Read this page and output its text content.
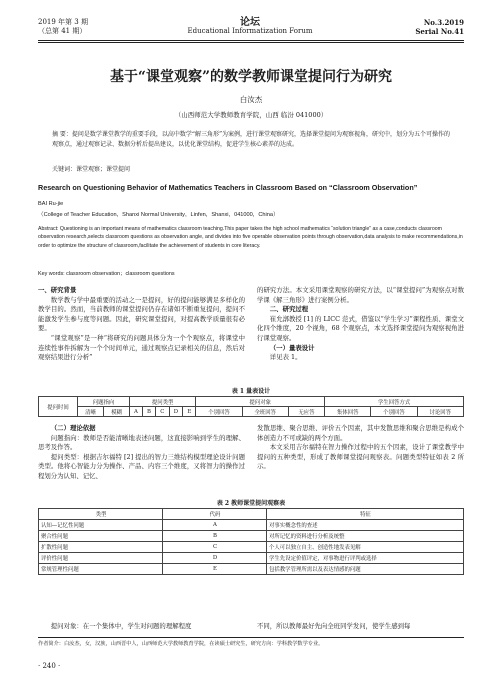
2019 年第 3 期
（总第 41 期）
论坛
Educational Informatization Forum
No.3.2019
Serial No.41
基于“课堂观察”的数学教师课堂提问行为研究
白汝杰
（山西师范大学教师教育学院，山西 临汾 041000）
摘 要：提问是数学课堂教学的重要手段，以高中数学“解三角形”为案例，进行课堂观察研究，选择课堂提问为观察视角，研究中，划分为五个可操作的观察点，通过观察记录、数据分析后提出建议，以优化课堂结构，促进学生核心素养的达成。
关键词：课堂观察；课堂提问
Research on Questioning Behavior of Mathematics Teachers in Classroom Based on “Classroom Observation”
BAI Ru-jie
（College of Teacher Education，Shanxi Normal University，Linfen，Shanxi，041000，China）
Abstract: Questioning is an important means of mathematics classroom teaching.This paper takes the high school mathematics “solution triangle” as a case,conducts classroom observation research,selects classroom questions as observation angle, and divides into five operable observation points through observation,data analysis to make recommendations,in order to optimize the structure of classroom,facilitate the achievement of students in core literacy.
Key words: classroom observation；classroom questions
一、研究背景
数学教与学中最重要的活动之一是提问，好的提问能够满足多样化的教学目的。然而，当前教师的课堂提问仍存在诸如不断重复提问，提问不能激发学生参与度等问题。因此，研究课堂提问，对提高教学质量很有必要。
“课堂观察”是一种“将研究的问题具体分为一个个观察点，将课堂中连续性事件拆解为一个个时间单元，通过观察点记录相关的信息，然后对观察结果进行分析”
的研究方法。本文采用课堂观察的研究方法，以“课堂提问”为观察点对数学课《解三角形》进行案例分析。
二、研究过程
崔允漷教授 [1] 的 LICC 范式，借鉴以“学生学习”课程性质、课堂文化四个维度，20 个视角，68 个观察点，本文选择课堂提问为观察视角进行课堂观察。
（一）量表设计
详见表 1。
表 1 量表设计
提问时间	问题指向		提问类型					提问对象			学生回答方式		
	清晰	模糊	A	B	C	D	E	个别回答	全班回答	无应答	集体回答	个别回答	讨论回答
（二）理论依据
问题指向：教师是否能清晰地表述问题，这直接影响到学生的理解、思考及作答。
提问类型：根据吉尔福特 [2] 提出的智力三维结构模型理论设计问题类型。他将心智能力分为操作、产品、内容三个维度，又将智力的操作过程划分为认知、记忆、
发散思维、聚合思维、评价五个因素，其中发散思维和聚合思维是构成个体创造力不可或缺的两个方面。
本文采用吉尔福特在智力操作过程中的五个因素，设计了课堂教学中提问的五种类型，形成了教师课堂提问观察表。问题类型特征如表 2 所示。
表 2 教师课堂提问观察表
类型	代码	特征
认知—记忆性问题	A	对事实概念性的查述
聚合性问题	B	对所记忆的资料进行分析及统整
扩散性问题	C	个人可以独立自主、创造性地发表见解
评价性问题	D	学生先设定价值评定，对事物进行评判或选择
常规管理性问题	E	包括教学管理所需以及表达情感的问题
提问对象：在一个集体中，学生对问题的理解程度	不同，所以教师最好先向全班同学发问，使学生感到每
作者简介：白汝杰，女，汉族，山西晋中人，山西师范大学教师教育学院，在读硕士研究生，研究方向：学科教学数学专业。
· 240 ·
